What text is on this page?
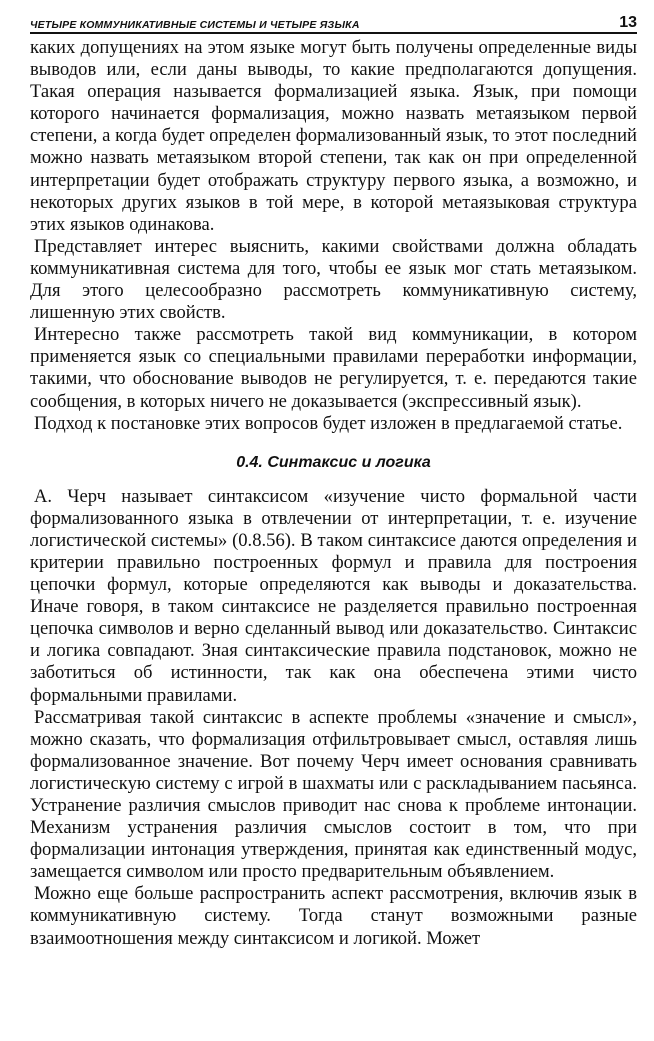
ЧЕТЫРЕ КОММУНИКАТИВНЫЕ СИСТЕМЫ И ЧЕТЫРЕ ЯЗЫКА	13

каких допущениях на этом языке могут быть получены определенные виды выводов или, если даны выводы, то какие предполагаются допущения. Такая операция называется формализацией языка. Язык, при помощи которого начинается формализация, можно назвать метаязыком первой степени, а когда будет определен формализованный язык, то этот последний можно назвать метаязыком второй степени, так как он при определенной интерпретации будет отображать структуру первого языка, а возможно, и некоторых других языков в той мере, в которой метаязыковая структура этих языков одинакова.

Представляет интерес выяснить, какими свойствами должна обладать коммуникативная система для того, чтобы ее язык мог стать метаязыком. Для этого целесообразно рассмотреть коммуникативную систему, лишенную этих свойств.

Интересно также рассмотреть такой вид коммуникации, в котором применяется язык со специальными правилами переработки информации, такими, что обоснование выводов не регулируется, т. е. передаются такие сообщения, в которых ничего не доказывается (экспрессивный язык).

Подход к постановке этих вопросов будет изложен в предлагаемой статье.

0.4. Синтаксис и логика

А. Черч называет синтаксисом «изучение чисто формальной части формализованного языка в отвлечении от интерпретации, т. е. изучение логистической системы» (0.8.56). В таком синтаксисе даются определения и критерии правильно построенных формул и правила для построения цепочки формул, которые определяются как выводы и доказательства. Иначе говоря, в таком синтаксисе не разделяется правильно построенная цепочка символов и верно сделанный вывод или доказательство. Синтаксис и логика совпадают. Зная синтаксические правила подстановок, можно не заботиться об истинности, так как она обеспечена этими чисто формальными правилами.

Рассматривая такой синтаксис в аспекте проблемы «значение и смысл», можно сказать, что формализация отфильтровывает смысл, оставляя лишь формализованное значение. Вот почему Черч имеет основания сравнивать логистическую систему с игрой в шахматы или с раскладыванием пасьянса. Устранение различия смыслов приводит нас снова к проблеме интонации. Механизм устранения различия смыслов состоит в том, что при формализации интонация утверждения, принятая как единственный модус, замещается символом или просто предварительным объявлением.

Можно еще больше распространить аспект рассмотрения, включив язык в коммуникативную систему. Тогда станут возможными разные взаимоотношения между синтаксисом и логикой. Может
